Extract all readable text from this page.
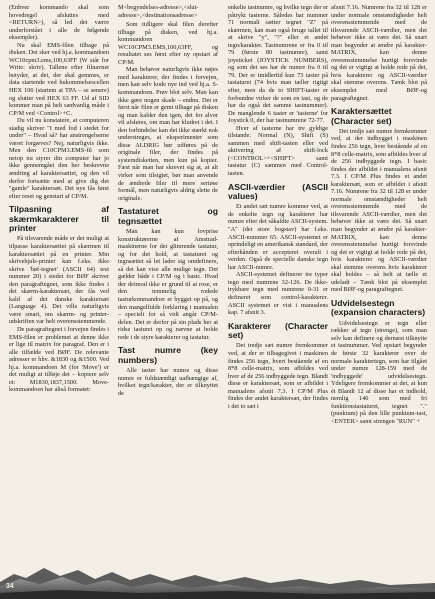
(Enhver kommando skal som hovedregel afsluttes med <RETURN>), så led det værre underforstået i alle de følgende eksempler).

Nu skal EMS-filen tilbage på disken. Det sker ved hj.a. kommandoen WC10cpm3.ems,100,63FF (W står for Write: skriv). Tallene efter filnavnet betyder, at det, der skal gemmes, er data startende ved hukommelsescellen HEX 100 (startem at TPA – se senere) og slutter ved HEX 63 FF. Ud af SID kommer man på helt sædvanlig måde i CP/M ved <Control>+C.

Du vil nu konstatere, at computeren stadig skriver "I med fod i stedet for under" – Hvad så? har anstrengelserne været forgæves? Nej, naturligvis ikke. Men den C10CPM3.EMS-fil som netop nu styrer din computer har jo ikke gennemgået den her beskrevne ændring af karaktersættet, og den vil derfor fortsætte med at give dig det "gamle" karaktersæt. Det nye fås først efter reset og genstart af CP/M.

Tilpasning af skærmkarakterer til printer

På tilsvarende måde er det muligt at tilpasse karaktersættet på skærmen til karaktersættet på en printer. Min skrivehjuls-printer kan f.eks. ikke skrive 'bøf-tegnet' (ASCII 64) test nummer 20) i stedet for BØF skriver den paragraftegnet, som ikke findes i det skærm-karaktersæt, der fås ved kald af det danske karaktersæt (Language 4). Det ville naturligvis være smart, om skærm- og printer-udskriften var helt overensstemmende.

De paragraftegnet i forvejen findes i EMS-filen er problemet at denne ikke er lige til matrix for paragraf. Den er i alle tilfælde ved BØF. De relevante adresser er hhv. &1830 og &1500. Ved hj.a. kommandoen M (for 'Move') er det muligt at tilføje det – kopiere selv et: M1830,1837,1500. Move-kommandoen har altså formatet:

M<begyndelses-adresse>,<slut-adresse>,<destinationsadresse>

Som tidligere skal filen derefter tilbage på disken, ved hj.a. kommandoen WC10CPM3.EMS,100,63FF, og resultatet ses først efter ny opstart af CP/M.

Man behøver naturligvis ikke nøjes med karakterer, der findes i forvejen, men kan selv kode nye ind ved hj.a. S-kommandoen. Prøv blot selv. Man kan ikke gøre nogen skade – endnu. Det er først når filen er gemt tilbage på disken og man kalder den igen, det for alvor vil afsløres, om man har kludret i det. I den forbindelse kan det ikke stærkt nok understreges, at eksperimenter som disse ALDRIG bør udføres på de originale filer, der findes på systemdisketten, men kun på kopier. Fæst når man har skrevet sig at, at alt virker som tilsigtet, bør man anvende de ændrede filer til mere seriøse formål, men naturligvis aldrig slette de originale.

Tastaturet og tegnsættet

Man kan kun lovprise konstruktørerne af Amstrad-maskinerne for det glimrende tastatur, og for det hold, at tastaturet og tegnsættet så let lader sig omdefinere, så det kan vise alle mulige tegn. Det gælder både i CP/M og i basic. Hvad der deimod ikke er grund til at rose, er den temmelig rodede tasturkommandoer er bygget op på, og den mangelfulde forklaring i manualen – specielt for så vidt angår CP/M-delen. Det er derfor på sin plads her at ridse tasturet op og nævne at holde rede i de styre karakterer og tastatur.

Tast numre (key numbers)

Alle taster har numre og disse numre er fuldstændigt uafhængige af, hvilket tegn/karakter, der er tilknyttet de

enkelte tastnumre, og hvilke tegn der er påtrykt tasterne. Således har nummer 71 normalt sætter tegnet "Z" på skærmen, kan man også bruge tallet til at skrive "y", "?" eller et andet tegn/karakter. Tastnumrene er fra 0 til 79 (første 80 tastnumre), samt joysticket (JOYSTICK NUMBERS), og som det ses har de numre fra 0 til 79. Der er imidlertid kun 73 taster på tastaturet (74 hvis man tæller rigtigt efter, men da de to SHIFT-taster er forbundne virker de som en tast, og de har da også det samme tastnummer). De manglende 6 taster er 'tasterne' for Joystick 0, der har tastnumrene 72-77.

Hver af tasterne har tre gyldige tilstande: Normal (N), Shift (S) sammen med shift-tasten eller ved aktivering af shift-lock (<CONTROL>+<SHIFT> samt tastatur (C) sammen med Control-tasten.

ASCII-værdier (ASCII values)

Et andet sæt numre kommer ved, at de enkelte tegn og karakterer har numre efter det såkaldte ASCII-system. "A" (det store bogstav) har f.eks. ASCII-nummer 65. ASCII-systemet er oprindeligt en amerikansk standard, der efterhånden er accepteret overalt i verden. Også de specielle danske tegn har ASCII-numre.

ASCII-systemet definerer tre typer tegn med numrene 32-126. De ikke-trykbare tegn med numrene 0-31 er defineret som control-karakterer. ASCII systemet er vist i manualens kap. 7 afsnit 3.

Karakterer (Character set)

Det tredje sæt numre fremkommer ved, at der er tilbagegivet i maskinen findes 256 tegn, hvert bestående af en 8*8 celle-matrix, som afbildes ved hver af de 256 indbyggede tegn. Blandt disse er karaktersæt, som er afbildet i manualens afsnit 7.3. I CP/M Plus findes der andet karaktersæt, der findes i det to sæt i

afsnit 7.16. Numrene fra 32 til 128 er under normale omstændigheder helt overensstemmende med de tilsvarende ASCII-værdier, men det behøver ikke at være det. Så snart man begynder at ændre på karakter-MATRIX, kan denne overensstemmelse hurtigt forsvinde og det er vigtigt at holde rede på det, hvis karakterer og ASCII-værdier skal stemme overens. Tænk blot på eksemplet med BØF-og paragraftegnet.

Karaktersættet (Character set)

Det tredje sæt numre fremkommer ved, at der indbygget i maskinen findes 256 tegn, hver bestående af en 8*8 celle-matrix, som afbildes hver af de 256 indbyggede tegn. I basic findes der afbildet i manualens afsnit 7.3. I CP/M Plus findes et andet karaktersæt, som er afbildet i afsnit 7.16. Numrene fra 32 til 128 er under normale omstændigheder helt overensstemmende med de tilsvarende ASCII-værdier, men det behøver ikke at være det. Så snart man begynder at ændre på karakter-MATRIX, kan denne overensstemmelse hurtigt forsvinde og det er vigtigt at holde rede på det, hvis karakterer og ASCII-værdier skal stemme overens hvis karakterer skal holdes – så helt at tælle et udeladt – Tænk blot på eksemplet med BØF-og paragraftegnet.

Udvidelsestegn (expansion characters)

Udvidelsestegn er tegn eller rækker af tegn (strenge), som man selv kan definere og dernæst tilknytte et tastnummer. Ved opstart begynder de første 32 karakterer over de normale karaktertegn, som har tilgået under numre 128-159 med de 'indbyggede' udvidelsestegn. Ydeligere fremkommer at det, at kun ét Blandt 12 af disse har et indhold, nemlig 140 som med fri funktionstastaturet, tegnet "." (punktum) på den lille punktum-tast, <ENTER> samt strengen "RUN" +

34
